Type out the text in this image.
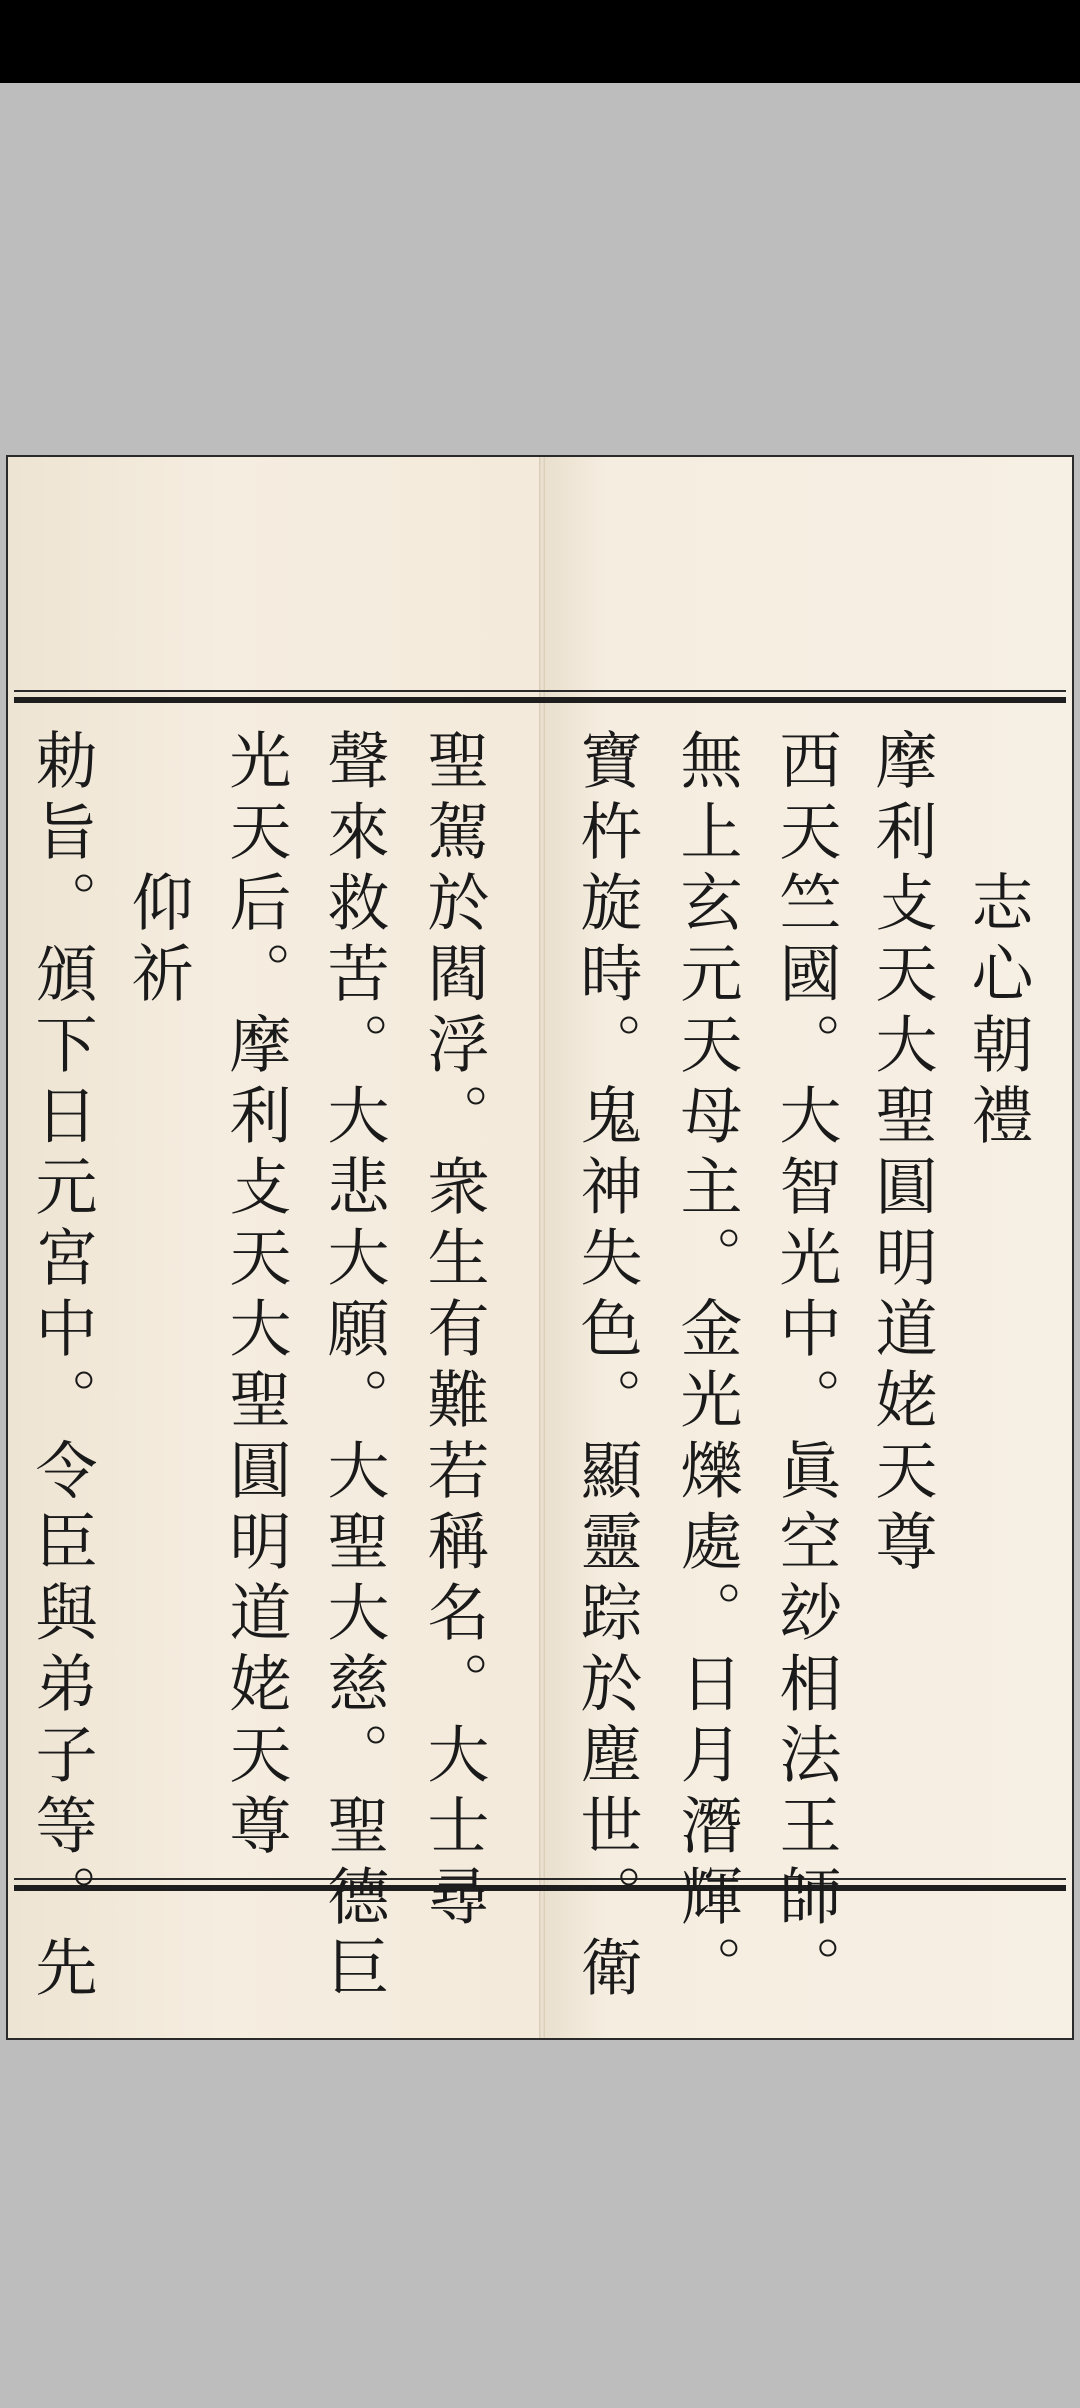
志心朝禮
摩利攴天大聖圓明道姥天尊
西天竺國。大智光中。眞空玅相法王師。
無上玄元天母主。金光爍處。日月潛輝。
寶杵旋時。鬼神失色。顯靈踪於塵世。衛
聖駕於閻浮。衆生有難若稱名。大士尋
聲來救苦。大悲大願。大聖大慈。聖德巨
光天后。摩利攴天大聖圓明道姥天尊
仰祈
勅旨。頒下日元宮中。令臣與弟子等。先
